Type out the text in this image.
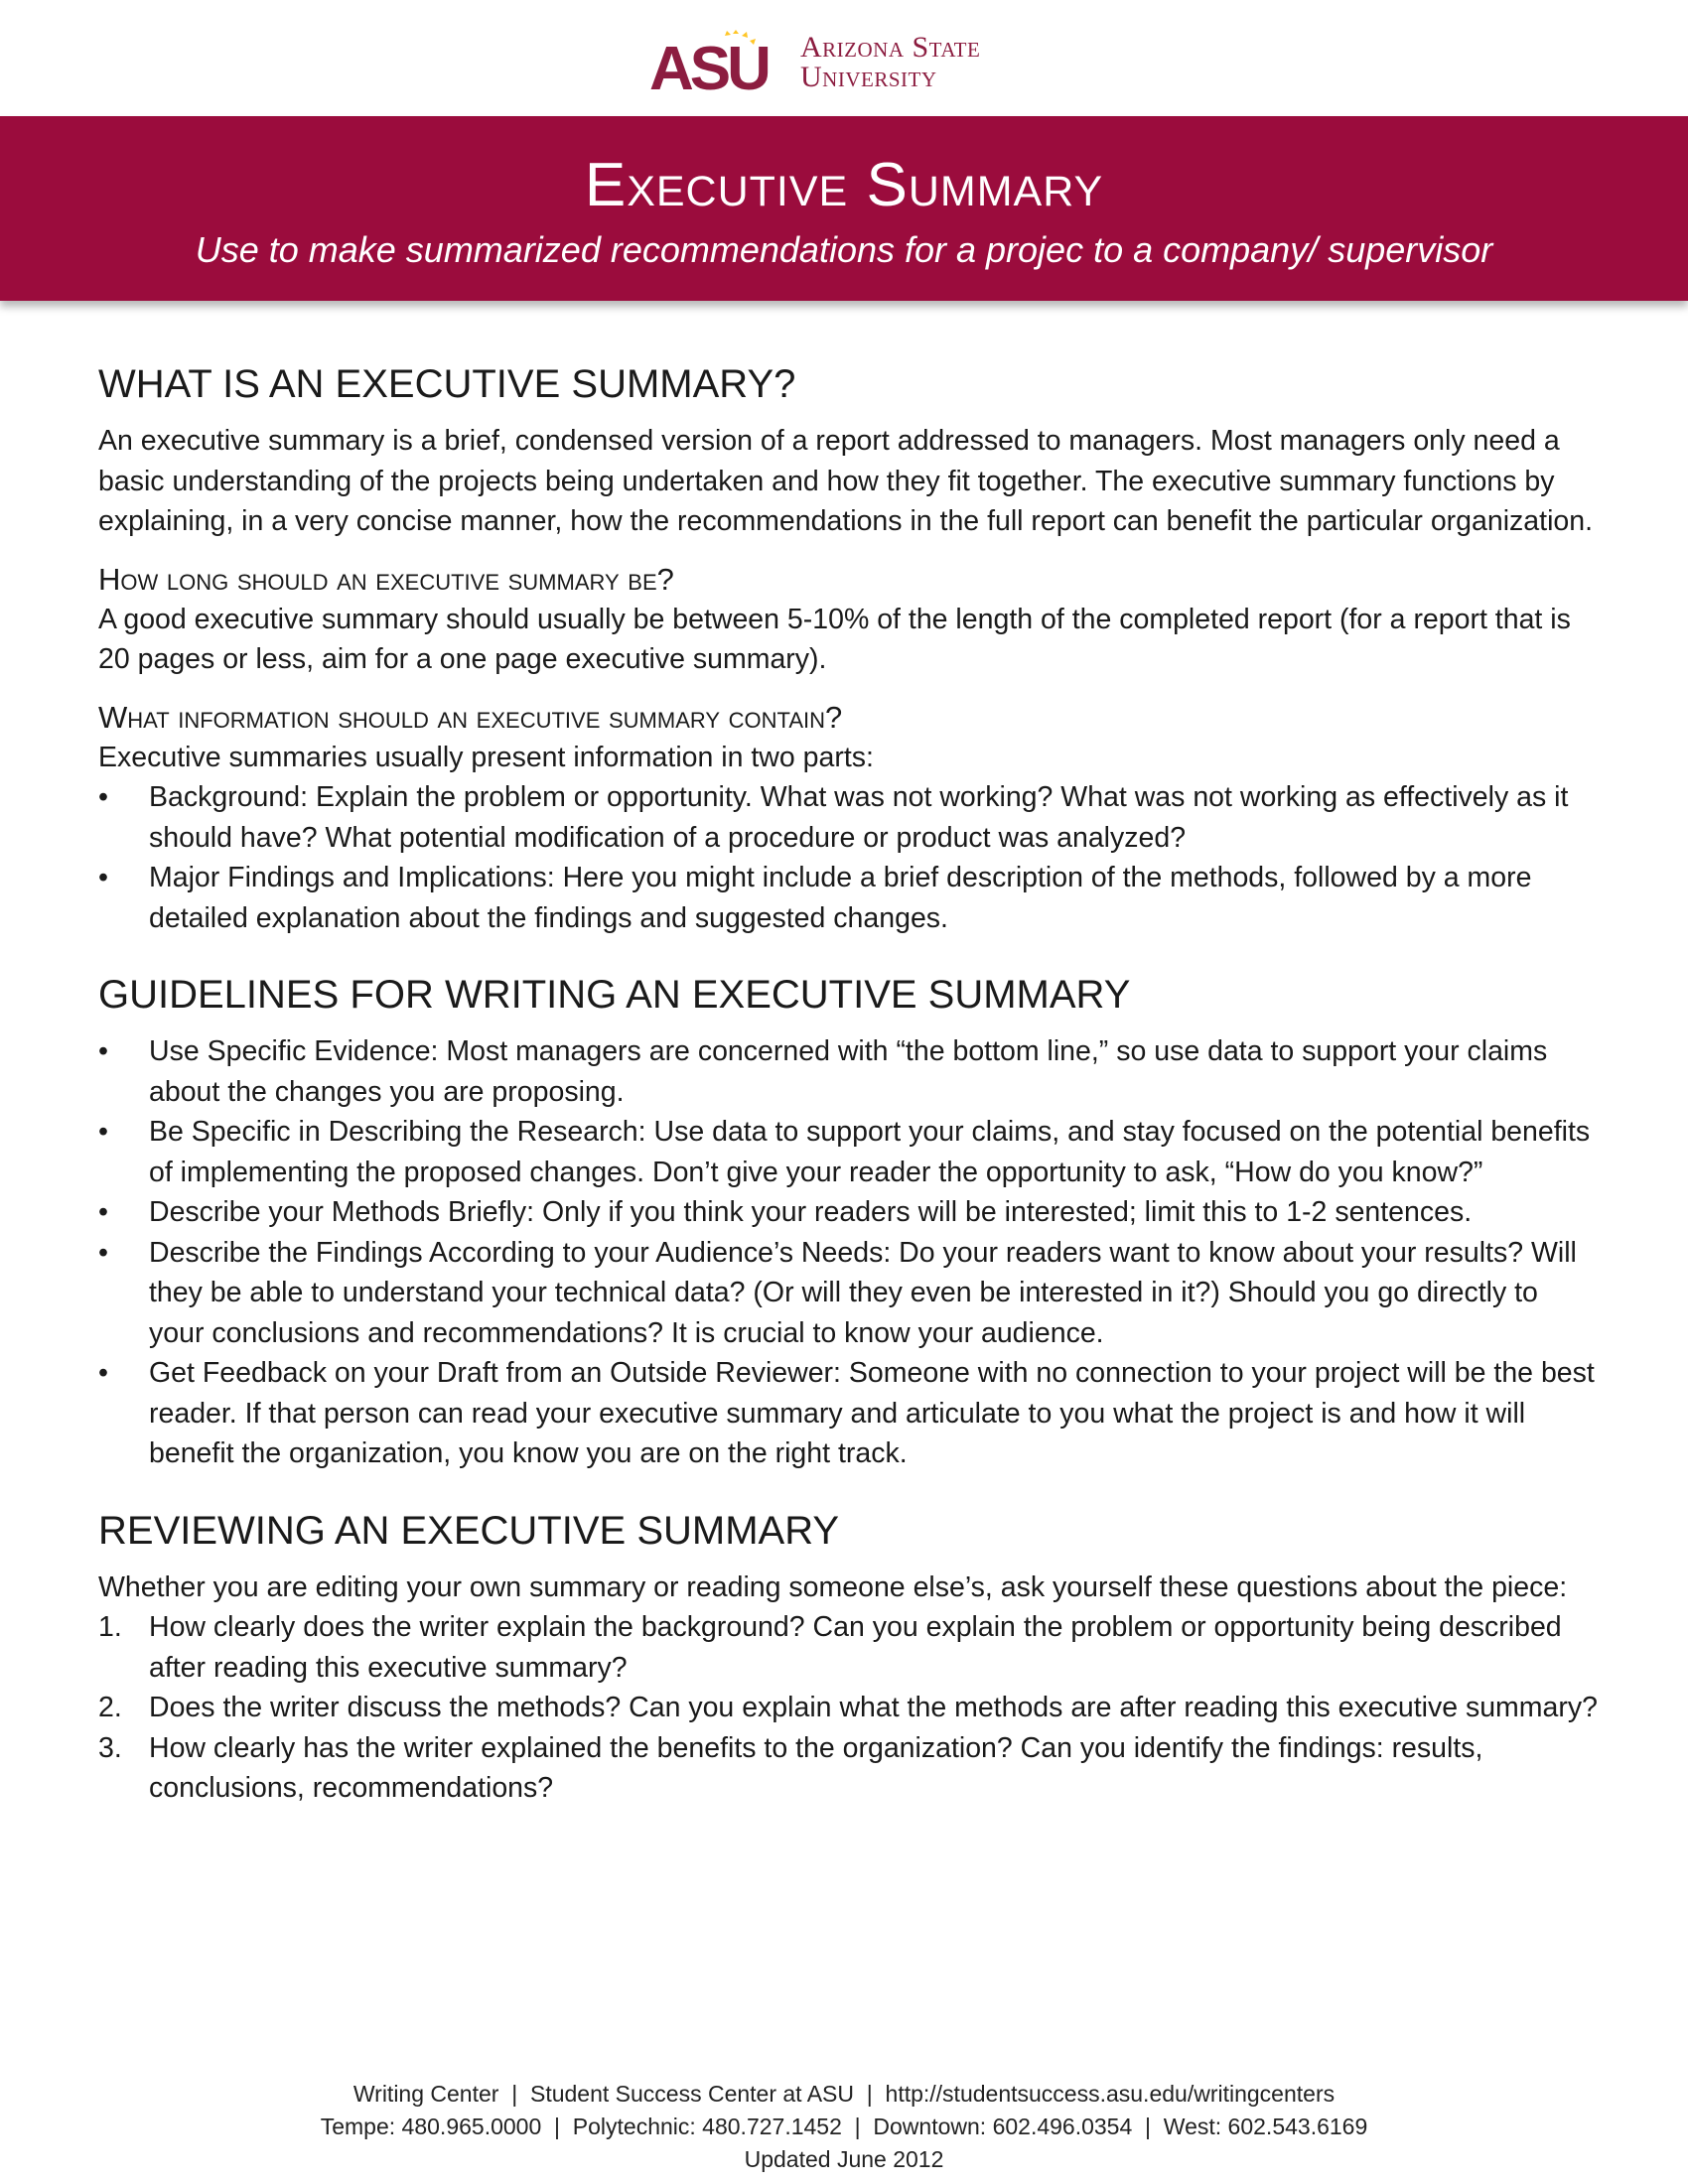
ASU Arizona State
University
Executive Summary
Use to make summarized recommendations for a projec to a company/ supervisor
WHAT IS AN EXECUTIVE SUMMARY?

An executive summary is a brief, condensed version of a report addressed to managers. Most managers only need a basic understanding of the projects being undertaken and how they fit together. The executive summary functions by explaining, in a very concise manner, how the recommendations in the full report can benefit the particular organization.

How long should an executive summary be?

A good executive summary should usually be between 5-10% of the length of the completed report (for a report that is 20 pages or less, aim for a one page executive summary).

What information should an executive summary contain?

Executive summaries usually present information in two parts:

• Background: Explain the problem or opportunity. What was not working? What was not working as effectively as it should have? What potential modification of a procedure or product was analyzed?
• Major Findings and Implications: Here you might include a brief description of the methods, followed by a more detailed explanation about the findings and suggested changes.
GUIDELINES FOR WRITING AN EXECUTIVE SUMMARY
• Use Specific Evidence: Most managers are concerned with “the bottom line,” so use data to support your claims about the changes you are proposing.
• Be Specific in Describing the Research: Use data to support your claims, and stay focused on the potential benefits of implementing the proposed changes. Don’t give your reader the opportunity to ask, “How do you know?”
• Describe your Methods Briefly: Only if you think your readers will be interested; limit this to 1-2 sentences.
• Describe the Findings According to your Audience’s Needs: Do your readers want to know about your results? Will they be able to understand your technical data? (Or will they even be interested in it?) Should you go directly to your conclusions and recommendations? It is crucial to know your audience.
• Get Feedback on your Draft from an Outside Reviewer: Someone with no connection to your project will be the best reader. If that person can read your executive summary and articulate to you what the project is and how it will benefit the organization, you know you are on the right track.
REVIEWING AN EXECUTIVE SUMMARY

Whether you are editing your own summary or reading someone else’s, ask yourself these questions about the piece:

1. How clearly does the writer explain the background? Can you explain the problem or opportunity being described after reading this executive summary?
2. Does the writer discuss the methods? Can you explain what the methods are after reading this executive summary?
3. How clearly has the writer explained the benefits to the organization? Can you identify the findings: results, conclusions, recommendations?
Writing Center  |  Student Success Center at ASU  |  http://studentsuccess.asu.edu/writingcenters
Tempe: 480.965.0000  |  Polytechnic: 480.727.1452  |  Downtown: 602.496.0354  |  West: 602.543.6169
Updated June 2012
